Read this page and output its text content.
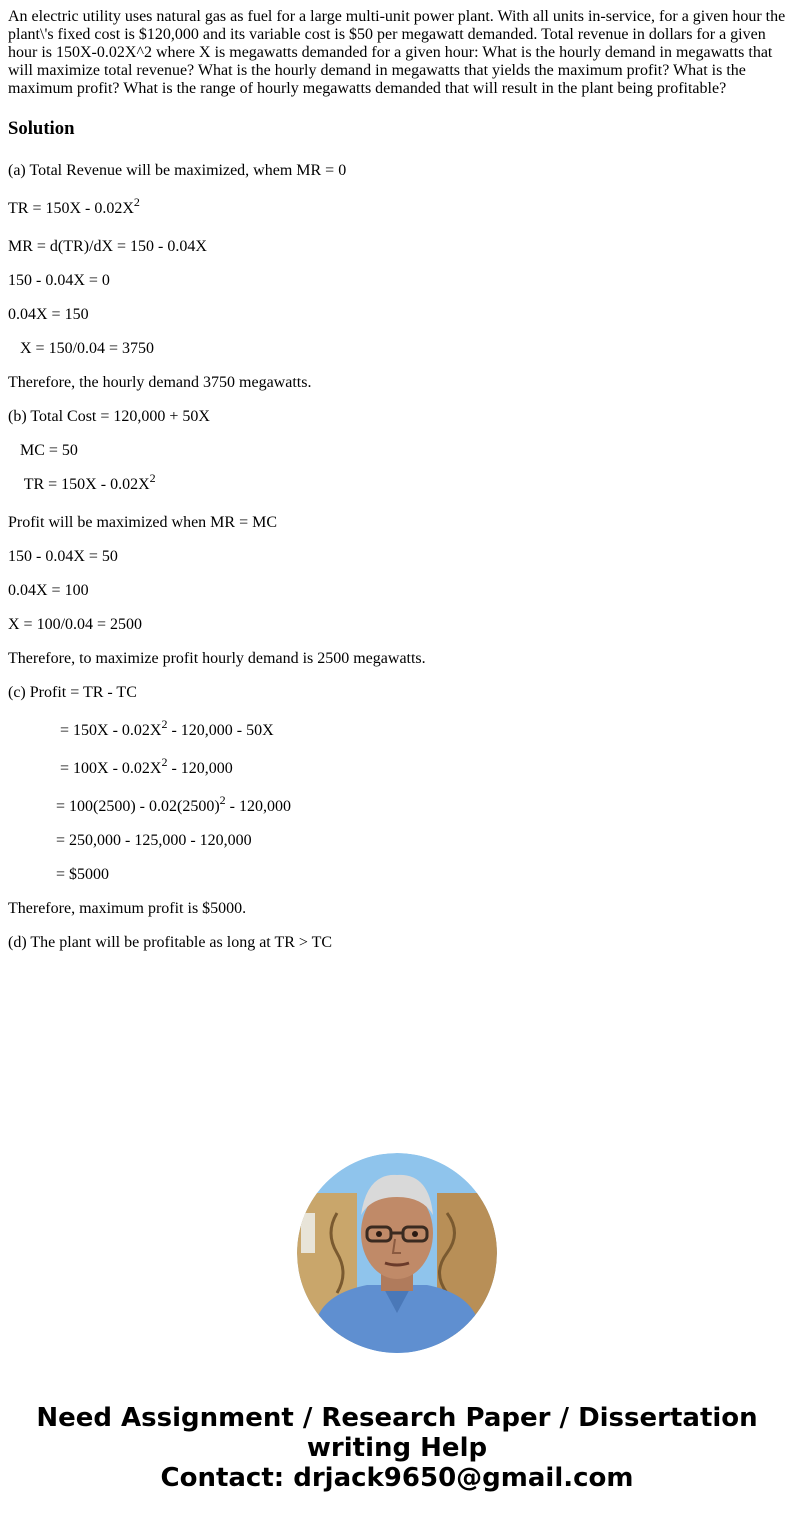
An electric utility uses natural gas as fuel for a large multi-unit power plant. With all units in-service, for a given hour the plant\'s fixed cost is $120,000 and its variable cost is $50 per megawatt demanded. Total revenue in dollars for a given hour is 150X-0.02X^2 where X is megawatts demanded for a given hour: What is the hourly demand in megawatts that will maximize total revenue? What is the hourly demand in megawatts that yields the maximum profit? What is the maximum profit? What is the range of hourly megawatts demanded that will result in the plant being profitable?

Solution

(a) Total Revenue will be maximized, whem MR = 0

TR = $150X - 0.02X^2$

MR = d(TR)/dX = 150 - 0.04X

150 - 0.04X = 0

0.04X = 150

X = 150/0.04 = 3750

Therefore, the hourly demand 3750 megawatts.

(b) Total Cost = 120,000 + 50X

MC = 50

TR = $150X - 0.02X^2$

Profit will be maximized when MR = MC

150 - 0.04X = 50

0.04X = 100

X = 100/0.04 = 2500

Therefore, to maximize profit hourly demand is 2500 megawatts.

(c) Profit = TR - TC

= $150X - 0.02X^2 - 120,000 - 50X$

= $100X - 0.02X^2 - 120,000$

= $100(2500) - 0.02(2500)^2 - 120,000$

= 250,000 - 125,000 - 120,000

= $5000

Therefore, maximum profit is $5000.

(d) The plant will be profitable as long at TR > TC

Need Assignment / Research Paper / Dissertation
writing Help
Contact: drjack9650@gmail.com
